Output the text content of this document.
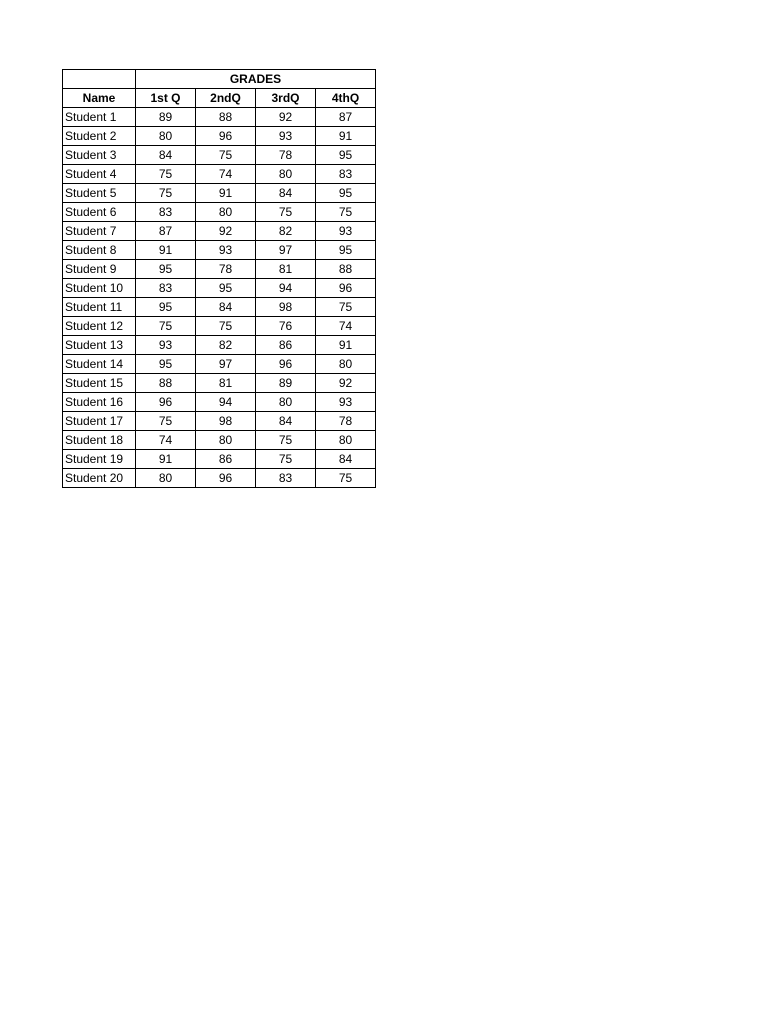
	GRADES			
Name	1st Q	2ndQ	3rdQ	4thQ
Student 1	89	88	92	87
Student 2	80	96	93	91
Student 3	84	75	78	95
Student 4	75	74	80	83
Student 5	75	91	84	95
Student 6	83	80	75	75
Student 7	87	92	82	93
Student 8	91	93	97	95
Student 9	95	78	81	88
Student 10	83	95	94	96
Student 11	95	84	98	75
Student 12	75	75	76	74
Student 13	93	82	86	91
Student 14	95	97	96	80
Student 15	88	81	89	92
Student 16	96	94	80	93
Student 17	75	98	84	78
Student 18	74	80	75	80
Student 19	91	86	75	84
Student 20	80	96	83	75
